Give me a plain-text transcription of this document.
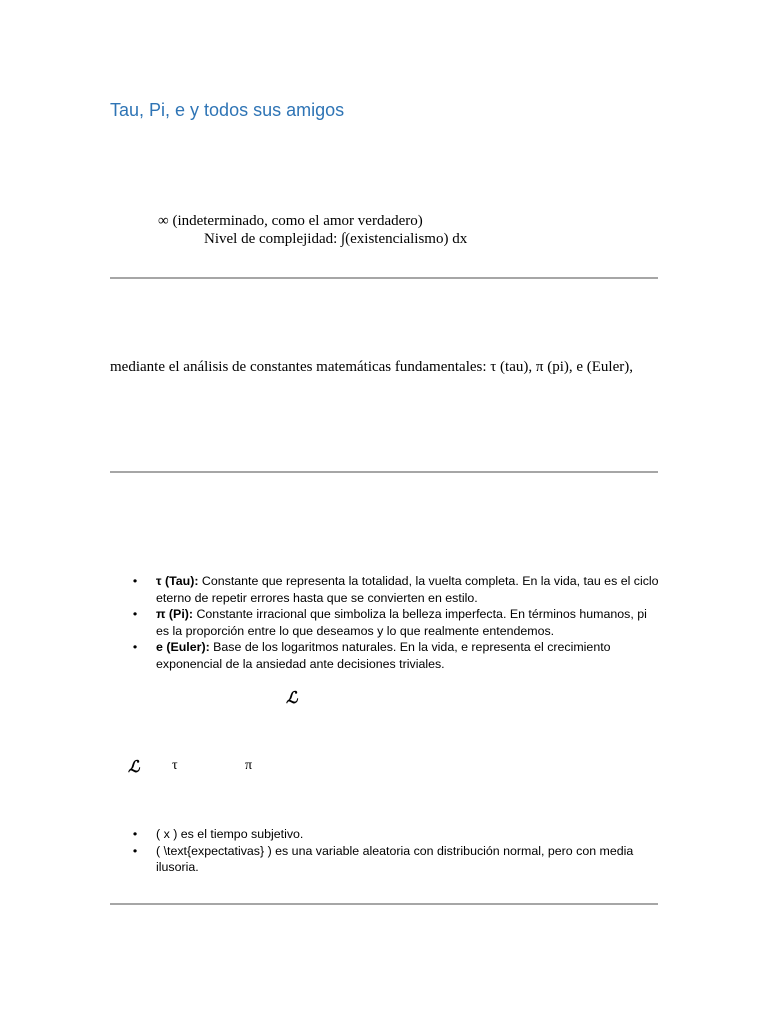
Tau, Pi, e y todos sus amigos
∞ (indeterminado, como el amor verdadero)
Nivel de complejidad: ∫(existencialismo) dx
mediante el análisis de constantes matemáticas fundamentales: τ (tau), π (pi), e (Euler),
• τ (Tau): Constante que representa la totalidad, la vuelta completa. En la vida, tau es el ciclo eterno de repetir errores hasta que se convierten en estilo.
• π (Pi): Constante irracional que simboliza la belleza imperfecta. En términos humanos, pi es la proporción entre lo que deseamos y lo que realmente entendemos.
• e (Euler): Base de los logaritmos naturales. En la vida, e representa el crecimiento exponencial de la ansiedad ante decisiones triviales.
ℒ
ℒ τ	π
• ( x ) es el tiempo subjetivo.
• ( \text{expectativas} ) es una variable aleatoria con distribución normal, pero con media ilusoria.
